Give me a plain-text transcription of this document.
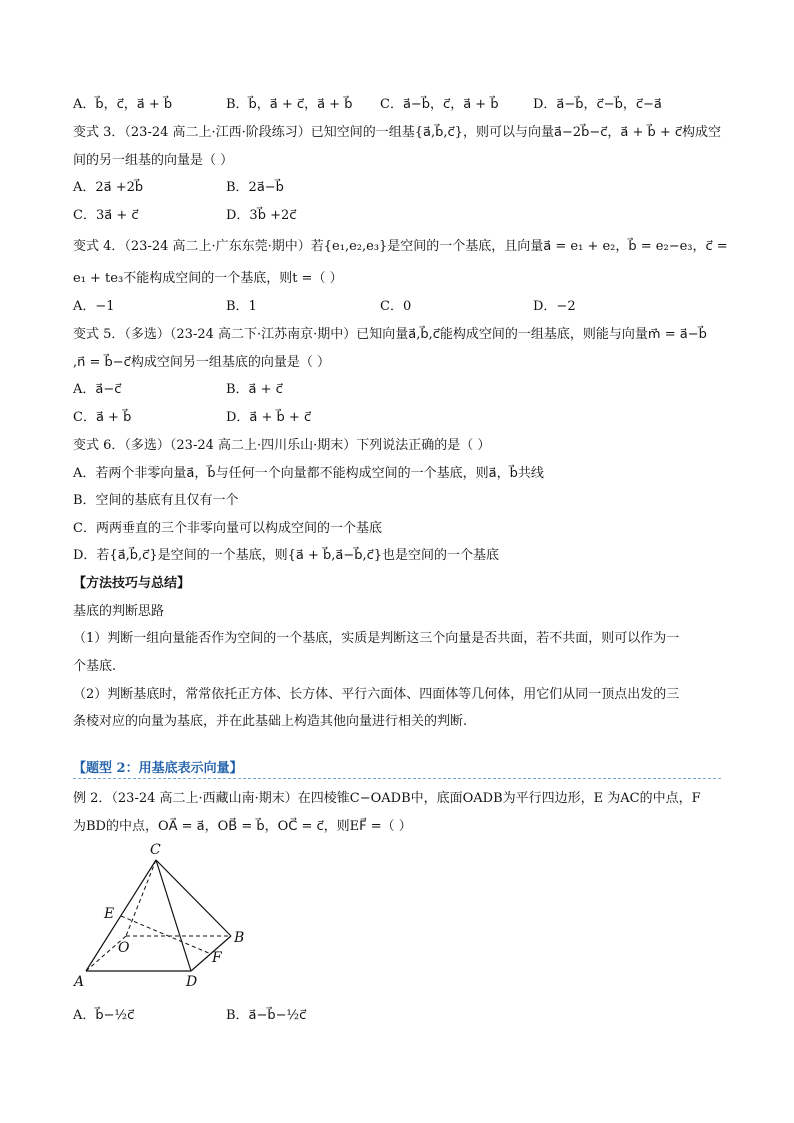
A．b⃗，c⃗，a⃗ + b⃗	B．b⃗，a⃗ + c⃗，a⃗ + b⃗ C．a⃗−b⃗，c⃗，a⃗ + b⃗	D．a⃗−b⃗，c⃗−b⃗，c⃗−a⃗
变式 3．（23-24 高二上·江西·阶段练习）已知空间的一组基{a⃗,b⃗,c⃗}，则可以与向量a⃗−2b⃗−c⃗，a⃗ + b⃗ + c⃗构成空
间的另一组基的向量是（ ）
A．2a⃗ +2b⃗	B．2a⃗−b⃗
C．3a⃗ + c⃗	D．3b⃗ +2c⃗
变式 4．（23-24 高二上·广东东莞·期中）若{e₁,e₂,e₃}是空间的一个基底，且向量a⃗ = e₁ + e₂，b⃗ = e₂−e₃，c⃗ =
e₁ + te₃不能构成空间的一个基底，则t =（ ）
A．−1	B．1	C．0	D．−2
变式 5．（多选）（23-24 高二下·江苏南京·期中）已知向量a⃗,b⃗,c⃗能构成空间的一组基底，则能与向量m⃗ = a⃗−b⃗
,n⃗ = b⃗−c⃗构成空间另一组基底的向量是（ ）
A．a⃗−c⃗	B．a⃗ + c⃗
C．a⃗ + b⃗	D．a⃗ + b⃗ + c⃗
变式 6．（多选）（23-24 高二上·四川乐山·期末）下列说法正确的是（ ）
A．若两个非零向量a⃗，b⃗与任何一个向量都不能构成空间的一个基底，则a⃗，b⃗共线
B．空间的基底有且仅有一个
C．两两垂直的三个非零向量可以构成空间的一个基底
D．若{a⃗,b⃗,c⃗}是空间的一个基底，则{a⃗ + b⃗,a⃗−b⃗,c⃗}也是空间的一个基底
【方法技巧与总结】
基底的判断思路
（1）判断一组向量能否作为空间的一个基底，实质是判断这三个向量是否共面，若不共面，则可以作为一
个基底.
（2）判断基底时，常常依托正方体、长方体、平行六面体、四面体等几何体，用它们从同一顶点出发的三
条棱对应的向量为基底，并在此基础上构造其他向量进行相关的判断.
【题型 2：用基底表示向量】
例 2．（23-24 高二上·西藏山南·期末）在四棱锥C−OADB中，底面OADB为平行四边形，E 为AC的中点，F
为BD的中点，OA⃗ = a⃗，OB⃗ = b⃗，OC⃗ = c⃗，则EF⃗ =（ ）
C
E
O
B
F
A	D
A．b⃗−½c⃗	B．a⃗−b⃗−½c⃗
